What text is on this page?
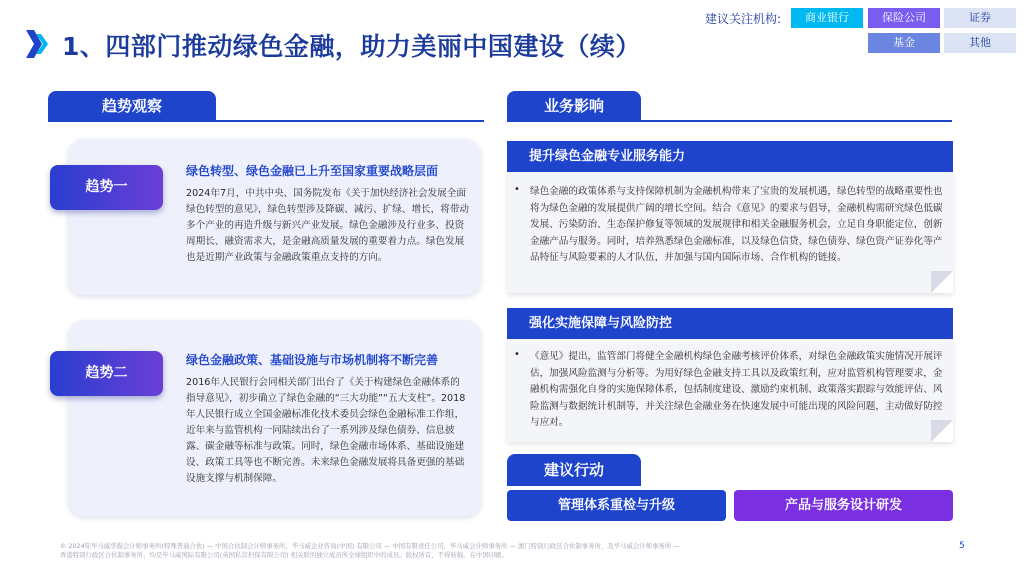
1、四部门推动绿色金融，助力美丽中国建设（续）
建议关注机构:	商业银行	保险公司	证券
基金	其他
趋势观察
趋势一
绿色转型、绿色金融已上升至国家重要战略层面
2024年7月，中共中央、国务院发布《关于加快经济社会发展全面绿色转型的意见》，绿色转型涉及降碳、减污、扩绿、增长，将带动多个产业的再造升级与新兴产业发展。绿色金融涉及行业多、投资周期长、融资需求大，是金融高质量发展的重要着力点。绿色发展也是近期产业政策与金融政策重点支持的方向。
趋势二
绿色金融政策、基础设施与市场机制将不断完善
2016年人民银行会同相关部门出台了《关于构建绿色金融体系的指导意见》，初步确立了绿色金融的“三大功能”“五大支柱”。2018年人民银行成立全国金融标准化技术委员会绿色金融标准工作组，近年来与监管机构一同陆续出台了一系列涉及绿色债券、信息披露、碳金融等标准与政策。同时，绿色金融市场体系、基础设施建设、政策工具等也不断完善。未来绿色金融发展将具备更强的基础设施支撑与机制保障。
业务影响
提升绿色金融专业服务能力
• 绿色金融的政策体系与支持保障机制为金融机构带来了宝贵的发展机遇，绿色转型的战略重要性也将为绿色金融的发展提供广阔的增长空间。结合《意见》的要求与倡导，金融机构需研究绿色低碳发展、污染防治、生态保护修复等领域的发展规律和相关金融服务机会，立足自身职能定位，创新金融产品与服务。同时，培养熟悉绿色金融标准，以及绿色信贷、绿色债券、绿色资产证券化等产品特征与风险要素的人才队伍，并加强与国内国际市场、合作机构的链接。
强化实施保障与风险防控
• 《意见》提出，监管部门将健全金融机构绿色金融考核评价体系，对绿色金融政策实施情况开展评估，加强风险监测与分析等。为用好绿色金融支持工具以及政策红利，应对监管机构管理要求，金融机构需强化自身的实施保障体系，包括制度建设、激励约束机制、政策落实跟踪与效能评估、风险监测与数据统计机制等，并关注绿色金融业务在快速发展中可能出现的风险问题，主动做好防控与应对。
建议行动
管理体系重检与升级	产品与服务设计研发
© 2024年毕马威华振会计师事务所(特殊普通合伙) — 中国合伙制会计师事务所，毕马威企业咨询(中国) 有限公司 — 中国有限责任公司，毕马威会计师事务所 — 澳门特别行政区合伙制事务所，及毕马威会计师事务所 —
香港特别行政区合伙制事务所，均是毕马威国际有限公司(英国私营担保有限公司) 相关联的独立成员所全球组织中的成员。版权所有，不得转载。在中国印刷。
5
